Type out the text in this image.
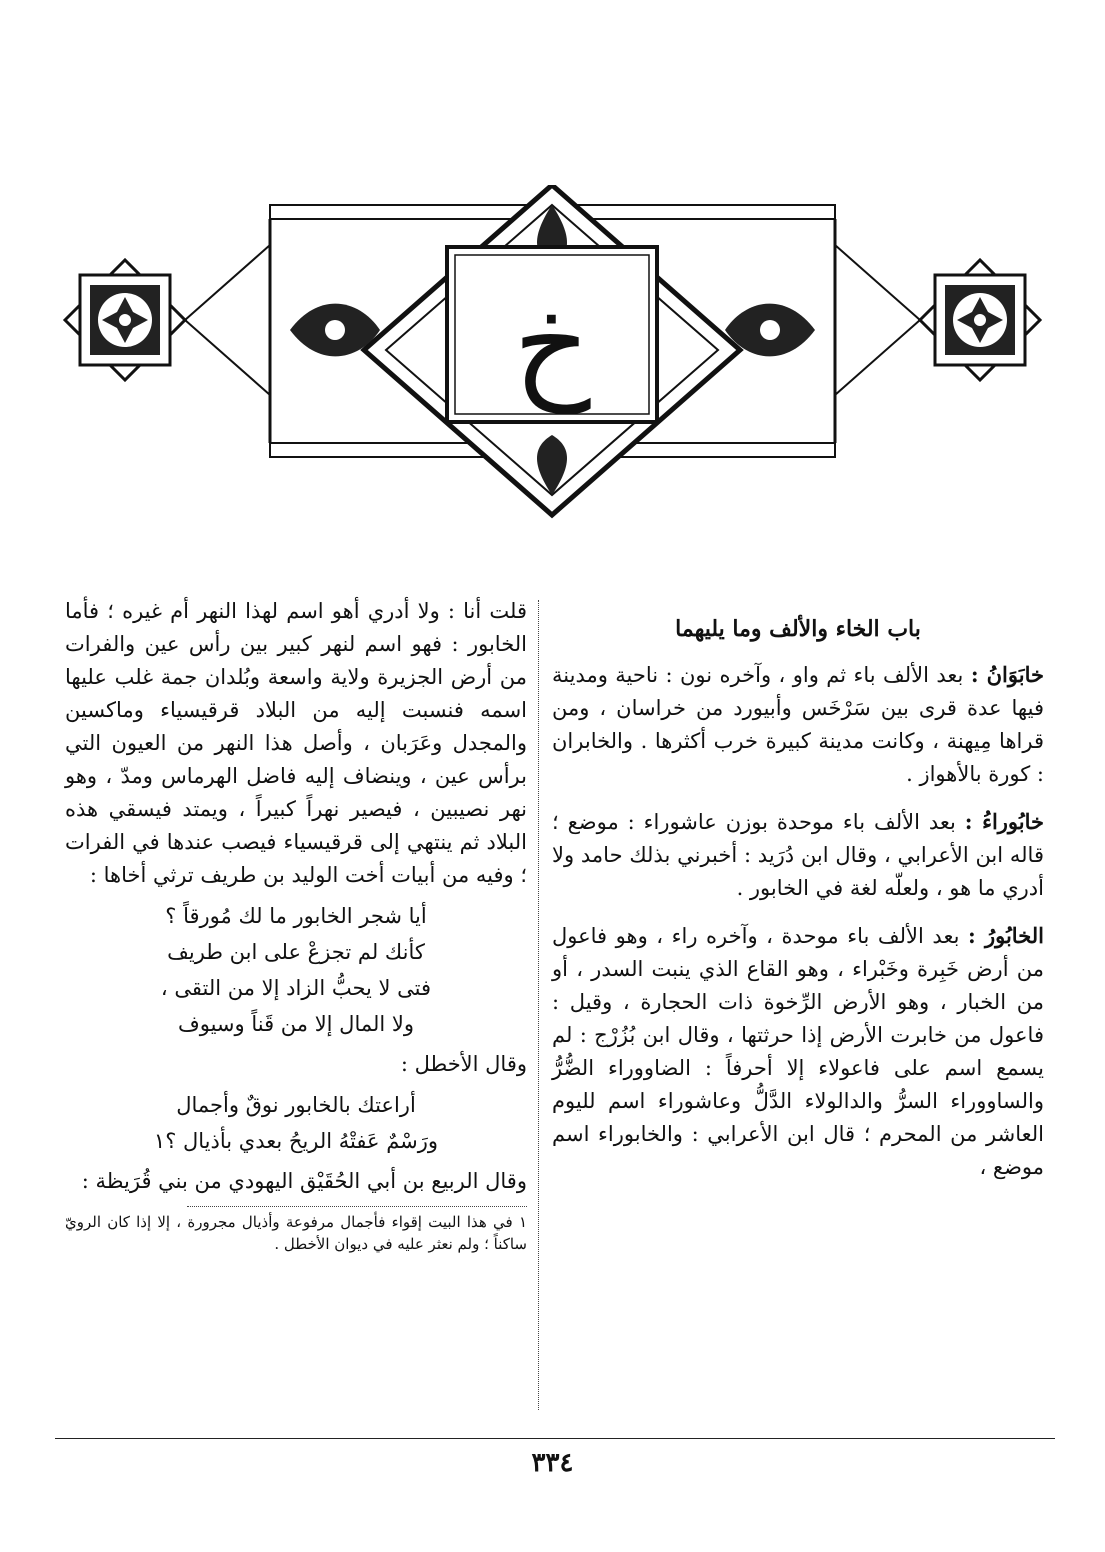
خ
باب الخاء والألف وما يليهما

خابَوَانُ : بعد الألف باء ثم واو ، وآخره نون : ناحية ومدينة فيها عدة قرى بين سَرْخَس وأبيورد من خراسان ، ومن قراها مِيهنة ، وكانت مدينة كبيرة خرب أكثرها . والخابران : كورة بالأهواز .

خابُوراءُ : بعد الألف باء موحدة بوزن عاشوراء : موضع ؛ قاله ابن الأعرابي ، وقال ابن دُرَيد : أخبرني بذلك حامد ولا أدري ما هو ، ولعلّه لغة في الخابور .

الخابُورُ : بعد الألف باء موحدة ، وآخره راء ، وهو فاعول من أرض خَبِرة وخَبْراء ، وهو القاع الذي ينبت السدر ، أو من الخبار ، وهو الأرض الرِّخوة ذات الحجارة ، وقيل : فاعول من خابرت الأرض إذا حرثتها ، وقال ابن بُزُرْج : لم يسمع اسم على فاعولاء إلا أحرفاً : الضاووراء الضُّرُّ والساووراء السرُّ والدالولاء الدَّلُّ وعاشوراء اسم لليوم العاشر من المحرم ؛ قال ابن الأعرابي : والخابوراء اسم موضع ،

قلت أنا : ولا أدري أهو اسم لهذا النهر أم غيره ؛ فأما الخابور : فهو اسم لنهر كبير بين رأس عين والفرات من أرض الجزيرة ولاية واسعة وبُلدان جمة غلب عليها اسمه فنسبت إليه من البلاد قرقيسياء وماكسين والمجدل وعَرَبان ، وأصل هذا النهر من العيون التي برأس عين ، وينضاف إليه فاضل الهرماس ومدّ ، وهو نهر نصيبين ، فيصير نهراً كبيراً ، ويمتد فيسقي هذه البلاد ثم ينتهي إلى قرقيسياء فيصب عندها في الفرات ؛ وفيه من أبيات أخت الوليد بن طريف ترثي أخاها :

أيا شجر الخابور ما لك مُورقاً ؟
كأنك لم تجزعْ على ابن طريف
فتى لا يحبُّ الزاد إلا من التقى ،
ولا المال إلا من قَناً وسيوف

وقال الأخطل :

أراعتك بالخابور نوقٌ وأجمال
ورَسْمٌ عَفتْهُ الريحُ بعدي بأذيال ؟١

وقال الربيع بن أبي الحُقَيْق اليهودي من بني قُرَيظة :

١ في هذا البيت إقواء فأجمال مرفوعة وأذيال مجرورة ، إلا إذا كان الرويّ ساكناً ؛ ولم نعثر عليه في ديوان الأخطل .

٣٣٤
